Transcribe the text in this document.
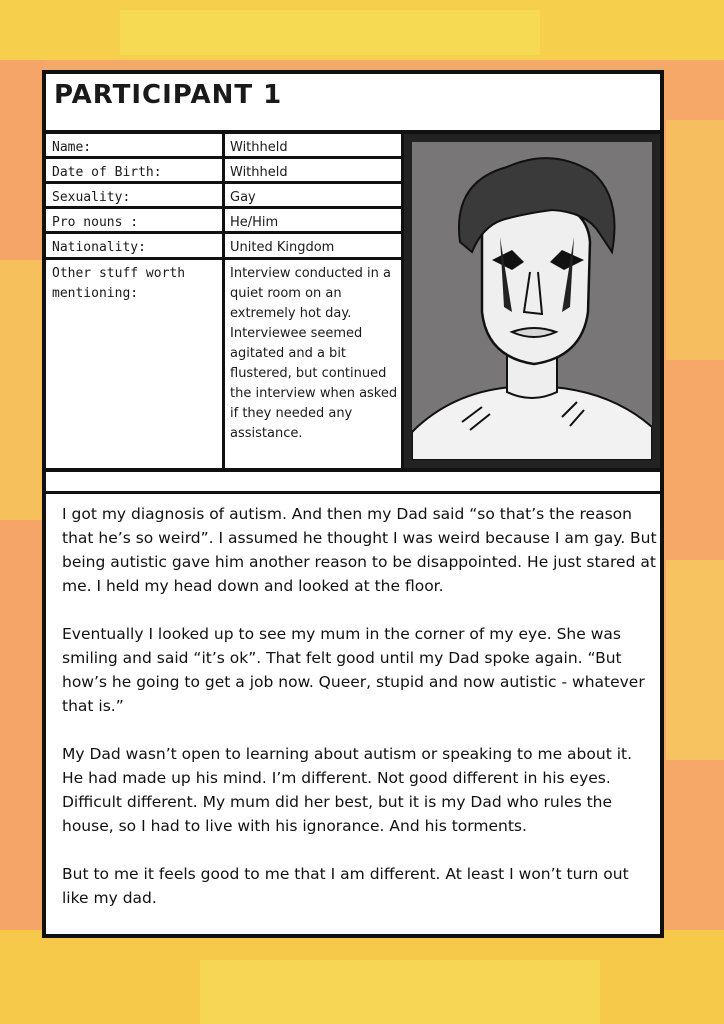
PARTICIPANT 1
Name:	Withheld
Date of Birth:	Withheld
Sexuality:	Gay
Pro nouns :	He/Him
Nationality:	United Kingdom
Other stuff worth mentioning:
Interview conducted in a quiet room on an extremely hot day. Interviewee seemed agitated and a bit flustered, but continued the interview when asked if they needed any assistance.

I got my diagnosis of autism. And then my Dad said “so that’s the reason that he’s so weird”. I assumed he thought I was weird because I am gay. But being autistic gave him another reason to be disappointed. He just stared at me. I held my head down and looked at the floor.

Eventually I looked up to see my mum in the corner of my eye. She was smiling and said “it’s ok”. That felt good until my Dad spoke again. “But how’s he going to get a job now. Queer, stupid and now autistic - whatever that is.”

My Dad wasn’t open to learning about autism or speaking to me about it. He had made up his mind. I’m different. Not good different in his eyes. Difficult different. My mum did her best, but it is my Dad who rules the house, so I had to live with his ignorance. And his torments.

But to me it feels good to me that I am different. At least I won’t turn out like my dad.
